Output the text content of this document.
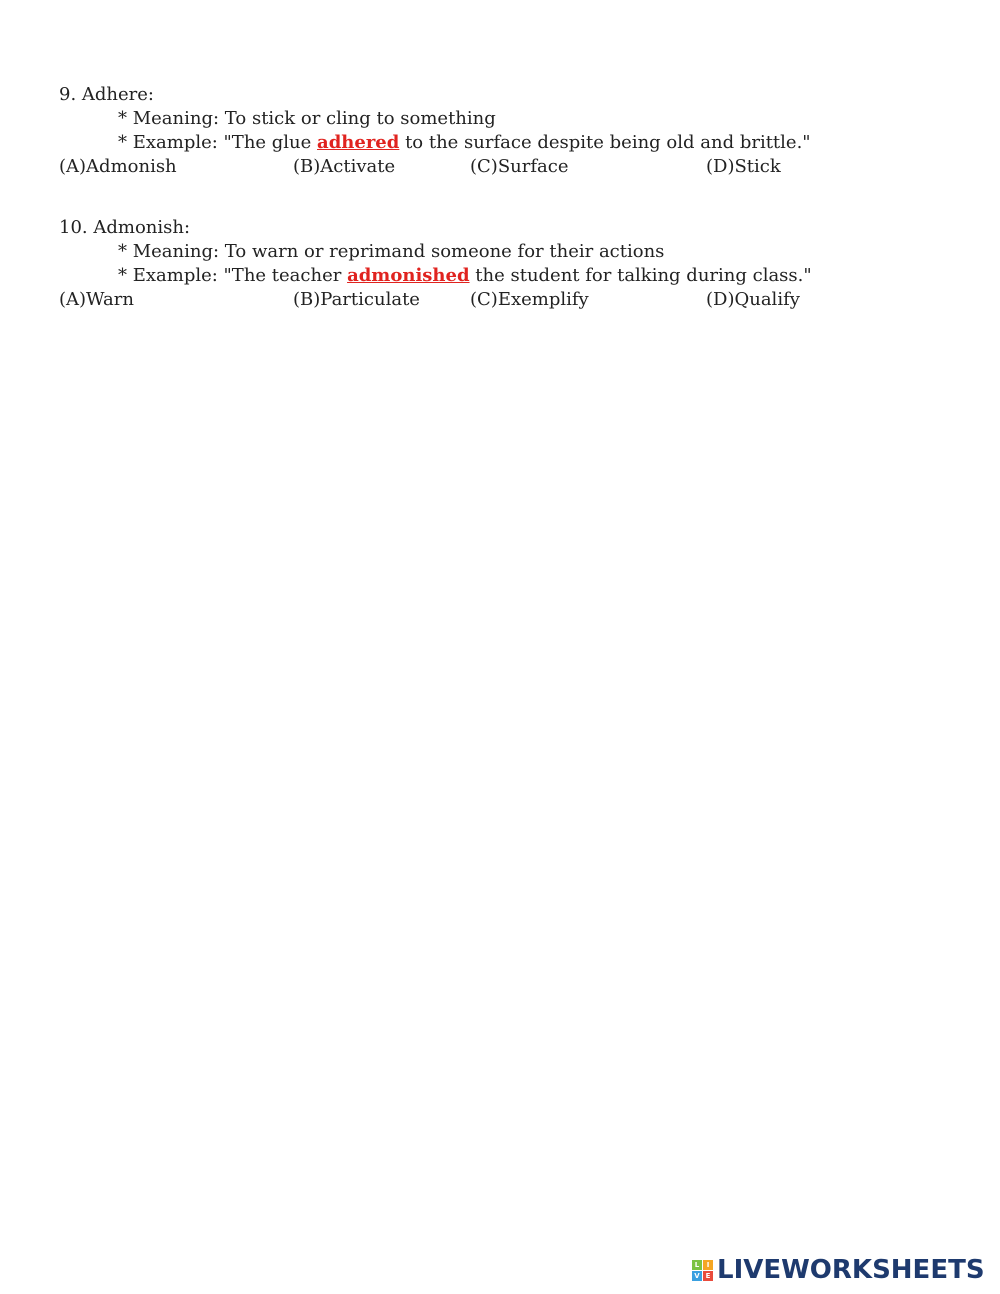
9. Adhere:
* Meaning: To stick or cling to something
* Example: "The glue adhered to the surface despite being old and brittle."
(A)Admonish	(B)Activate	(C)Surface	(D)Stick
10. Admonish:
* Meaning: To warn or reprimand someone for their actions
* Example: "The teacher admonished the student for talking during class."
(A)Warn	(B)Particulate	(C)Exemplify	(D)Qualify
L	I
V E LIVEWORKSHEETS
